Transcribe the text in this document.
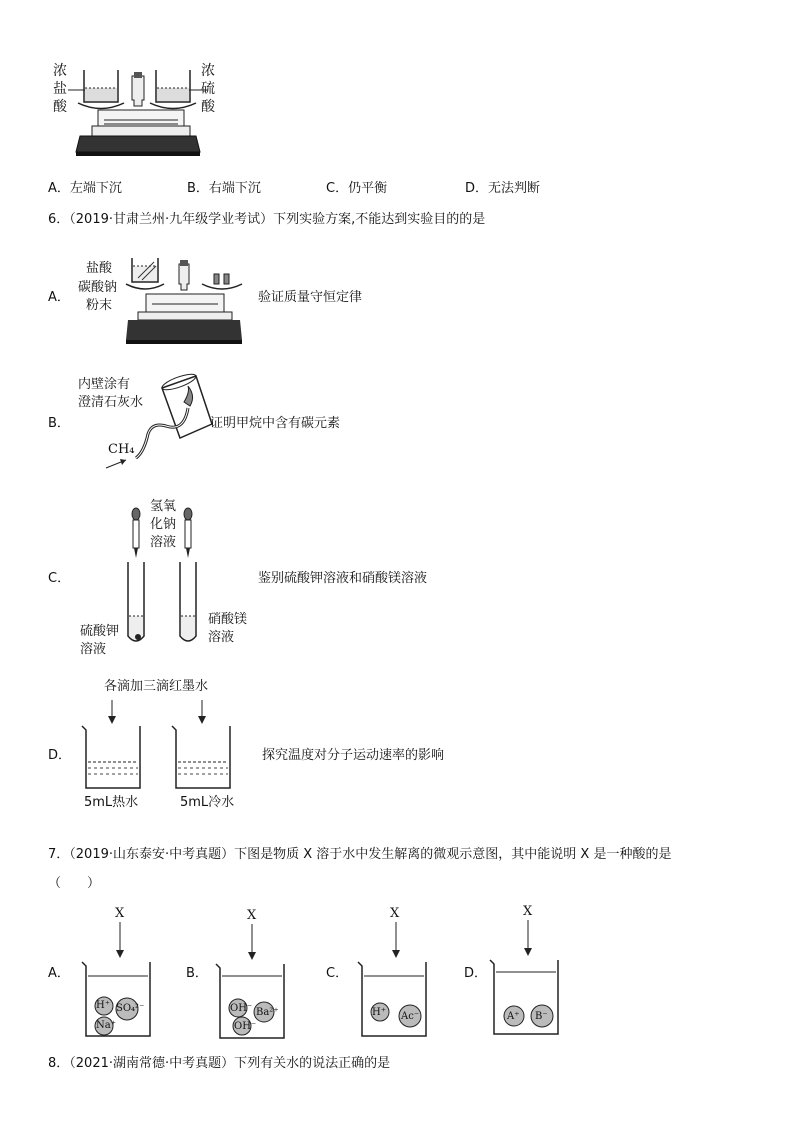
浓
盐
酸
浓
硫
酸
A．左端下沉	B．右端下沉	C．仍平衡	D．无法判断
6．（2019·甘肃兰州·九年级学业考试）下列实验方案,不能达到实验目的的是
A．
盐酸
碳酸钠
粉末
验证质量守恒定律
B．
内壁涂有
澄清石灰水
CH₄
证明甲烷中含有碳元素
C．
氢氧
化钠
溶液
硫酸钾
溶液
硝酸镁
溶液
鉴别硫酸钾溶液和硝酸镁溶液
D．
各滴加三滴红墨水
5mL热水	5mL冷水
探究温度对分子运动速率的影响
7．（2019·山东泰安·中考真题）下图是物质 X 溶于水中发生解离的微观示意图，其中能说明 X 是一种酸的是
（　　）
A．
X
H⁺ SO₄²⁻
Na⁺
B．
X
OH⁻ Ba²⁺
OH⁻
C．
X
H⁺ Ac⁻
D．
X
A⁺ B⁻
8．（2021·湖南常德·中考真题）下列有关水的说法正确的是
